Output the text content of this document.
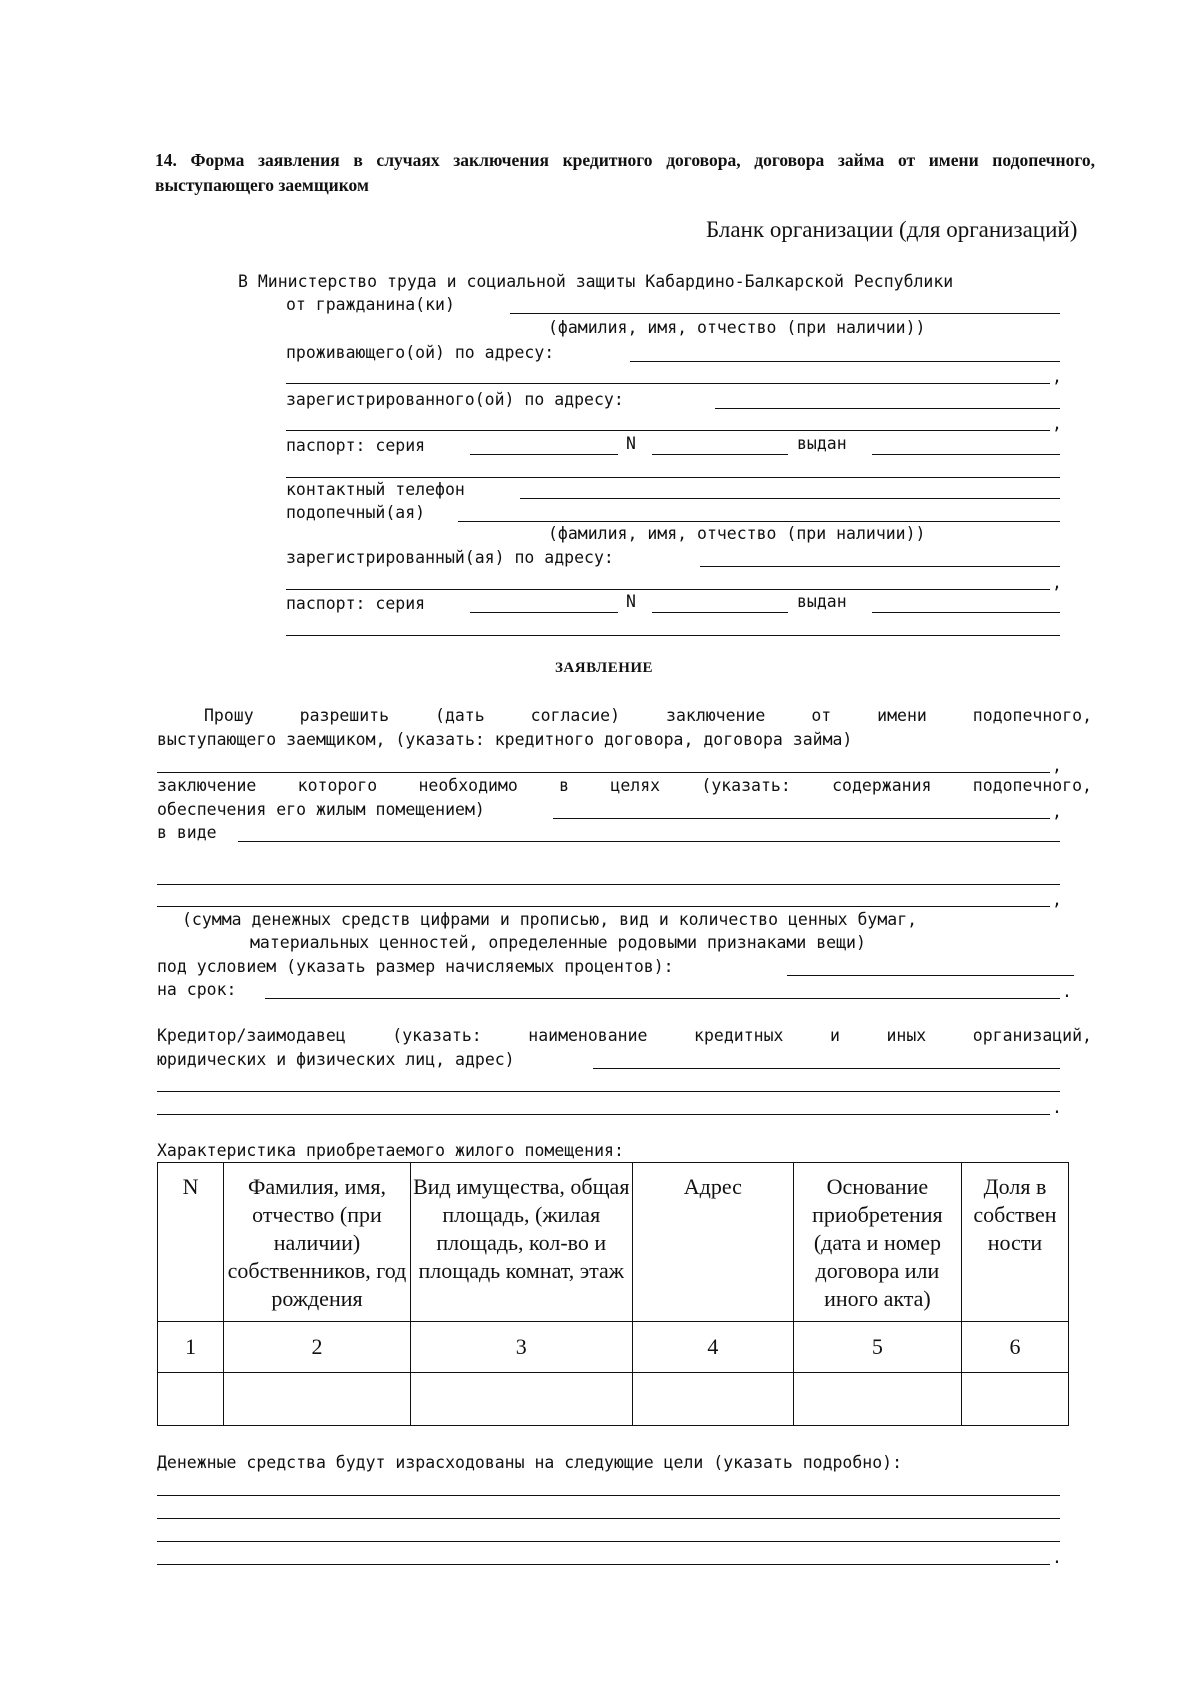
14. Форма заявления в случаях заключения кредитного договора, договора займа от имени подопечного, выступающего заемщиком
Бланк организации (для организаций)
В Министерство труда и социальной защиты Кабардино-Балкарской Республики
от гражданина(ки)
(фамилия, имя, отчество (при наличии))
проживающего(ой) по адресу:
,
зарегистрированного(ой) по адресу:
,
паспорт: серия	N	выдан
контактный телефон
подопечный(ая)
(фамилия, имя, отчество (при наличии))
зарегистрированный(ая) по адресу:
,
паспорт: серия	N	выдан
ЗАЯВЛЕНИЕ
Прошу разрешить (дать согласие) заключение от имени подопечного,
выступающего заемщиком, (указать: кредитного договора, договора займа)
,
заключение которого необходимо в целях (указать: содержания подопечного,
обеспечения его жилым помещением)	,
в виде
,
(сумма денежных средств цифрами и прописью, вид и количество ценных бумаг,
материальных ценностей, определенные родовыми признаками вещи)
под условием (указать размер начисляемых процентов):
на срок:	.
Кредитор/заимодавец (указать: наименование кредитных и иных организаций,
юридических и физических лиц, адрес)
.
Характеристика приобретаемого жилого помещения:
N	Фамилия, имя, отчество (при наличии) собственников, год рождения	Вид имущества, общая площадь, (жилая площадь, кол-во и площадь комнат, этаж	Адрес	Основание приобретения (дата и номер договора или иного акта)	Доля в собствен ности
1	2	3	4	5	6

Денежные средства будут израсходованы на следующие цели (указать подробно):
.
